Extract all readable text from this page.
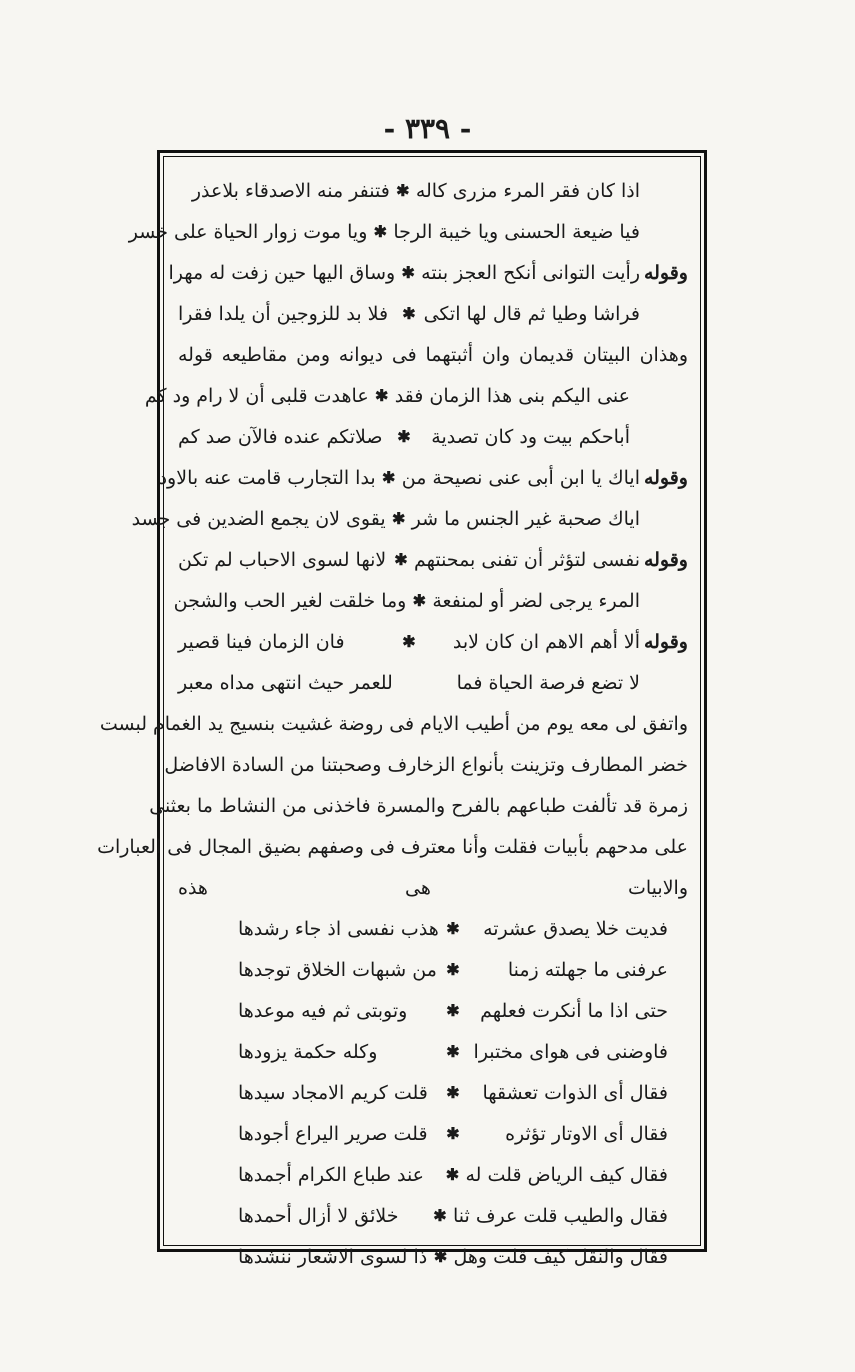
- ٣٣٩ -
اذا كان فقر المرء مزرى كاله
✱
فتنفر منه الاصدقاء بلاعذر
فيا ضيعة الحسنى ويا خيبة الرجا
✱
ويا موت زوار الحياة على خسر
وقوله
رأيت التوانى أنكح العجز بنته
✱
وساق اليها حين زفت له مهرا
فراشا وطيا ثم قال لها اتكى
✱
فلا بد للزوجين أن يلدا فقرا
وهذان البيتان قديمان وان أثبتهما فى ديوانه ومن مقاطيعه قوله
عنى اليكم بنى هذا الزمان فقد
✱
عاهدت قلبى أن لا رام ود كم
أباحكم بيت ود كان تصدية
✱
صلاتكم عنده فالآن صد كم
وقوله
اياك يا ابن أبى عنى نصيحة من
✱
بدا التجارب قامت عنه بالاود
اياك صحبة غير الجنس ما شر
✱
يقوى لان يجمع الضدين فى جسد
وقوله
نفسى لتؤثر أن تفنى بمحنتهم
✱
لانها لسوى الاحباب لم تكن
المرء يرجى لضر أو لمنفعة
✱
وما خلقت لغير الحب والشجن
وقوله
ألا أهم الاهم ان كان لابد
✱
فان الزمان فينا قصير
لا تضع فرصة الحياة فما
للعمر حيث انتهى مداه معبر
واتفق لى معه يوم من أطيب الايام فى روضة غشيت بنسيج يد الغمام لبست
خضر المطارف وتزينت بأنواع الزخارف وصحبتنا من السادة الافاضل
زمرة قد تألفت طباعهم بالفرح والمسرة فاخذنى من النشاط ما بعثنى
على مدحهم بأبيات فقلت وأنا معترف فى وصفهم بضيق المجال فى العبارات
والابيات هى هذه
فديت خلا يصدق عشرته
✱
هذب نفسى اذ جاء رشدها
عرفنى ما جهلته زمنا
✱
من شبهات الخلاق توجدها
حتى اذا ما أنكرت فعلهم
✱
وتوبتى ثم فيه موعدها
فاوضنى فى هواى مختبرا
✱
وكله حكمة يزودها
فقال أى الذوات تعشقها
✱
قلت كريم الامجاد سيدها
فقال أى الاوتار تؤثره
✱
قلت صرير اليراع أجودها
فقال كيف الرياض قلت له
✱
عند طباع الكرام أجمدها
فقال والطيب قلت عرف ثنا
✱
خلائق لا أزال أحمدها
فقال والنقل كيف قلت وهل
✱
ذا لسوى الاشعار ننشدها
